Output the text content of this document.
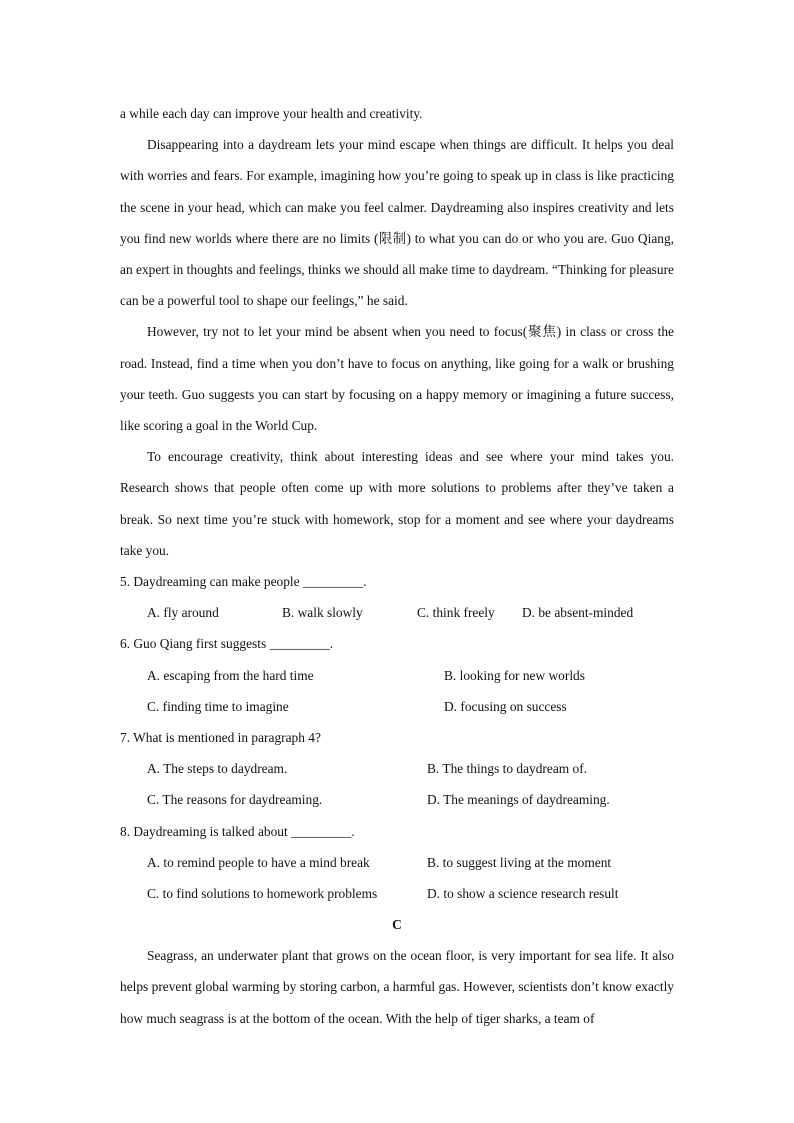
a while each day can improve your health and creativity.
Disappearing into a daydream lets your mind escape when things are difficult. It helps you deal with worries and fears. For example, imagining how you’re going to speak up in class is like practicing the scene in your head, which can make you feel calmer. Daydreaming also inspires creativity and lets you find new worlds where there are no limits (限制) to what you can do or who you are. Guo Qiang, an expert in thoughts and feelings, thinks we should all make time to daydream. “Thinking for pleasure can be a powerful tool to shape our feelings,” he said.
However, try not to let your mind be absent when you need to focus(聚焦) in class or cross the road. Instead, find a time when you don’t have to focus on anything, like going for a walk or brushing your teeth. Guo suggests you can start by focusing on a happy memory or imagining a future success, like scoring a goal in the World Cup.
To encourage creativity, think about interesting ideas and see where your mind takes you. Research shows that people often come up with more solutions to problems after they’ve taken a break. So next time you’re stuck with homework, stop for a moment and see where your daydreams take you.
5. Daydreaming can make people _________.
A. fly around	B. walk slowly	C. think freely D. be absent-minded
6. Guo Qiang first suggests _________.
A. escaping from the hard time	B. looking for new worlds
C. finding time to imagine	D. focusing on success
7. What is mentioned in paragraph 4?
A. The steps to daydream.	B. The things to daydream of.
C. The reasons for daydreaming.	D. The meanings of daydreaming.
8. Daydreaming is talked about _________.
A. to remind people to have a mind break	B. to suggest living at the moment
C. to find solutions to homework problems	D. to show a science research result
C
Seagrass, an underwater plant that grows on the ocean floor, is very important for sea life. It also helps prevent global warming by storing carbon, a harmful gas. However, scientists don’t know exactly how much seagrass is at the bottom of the ocean. With the help of tiger sharks, a team of
